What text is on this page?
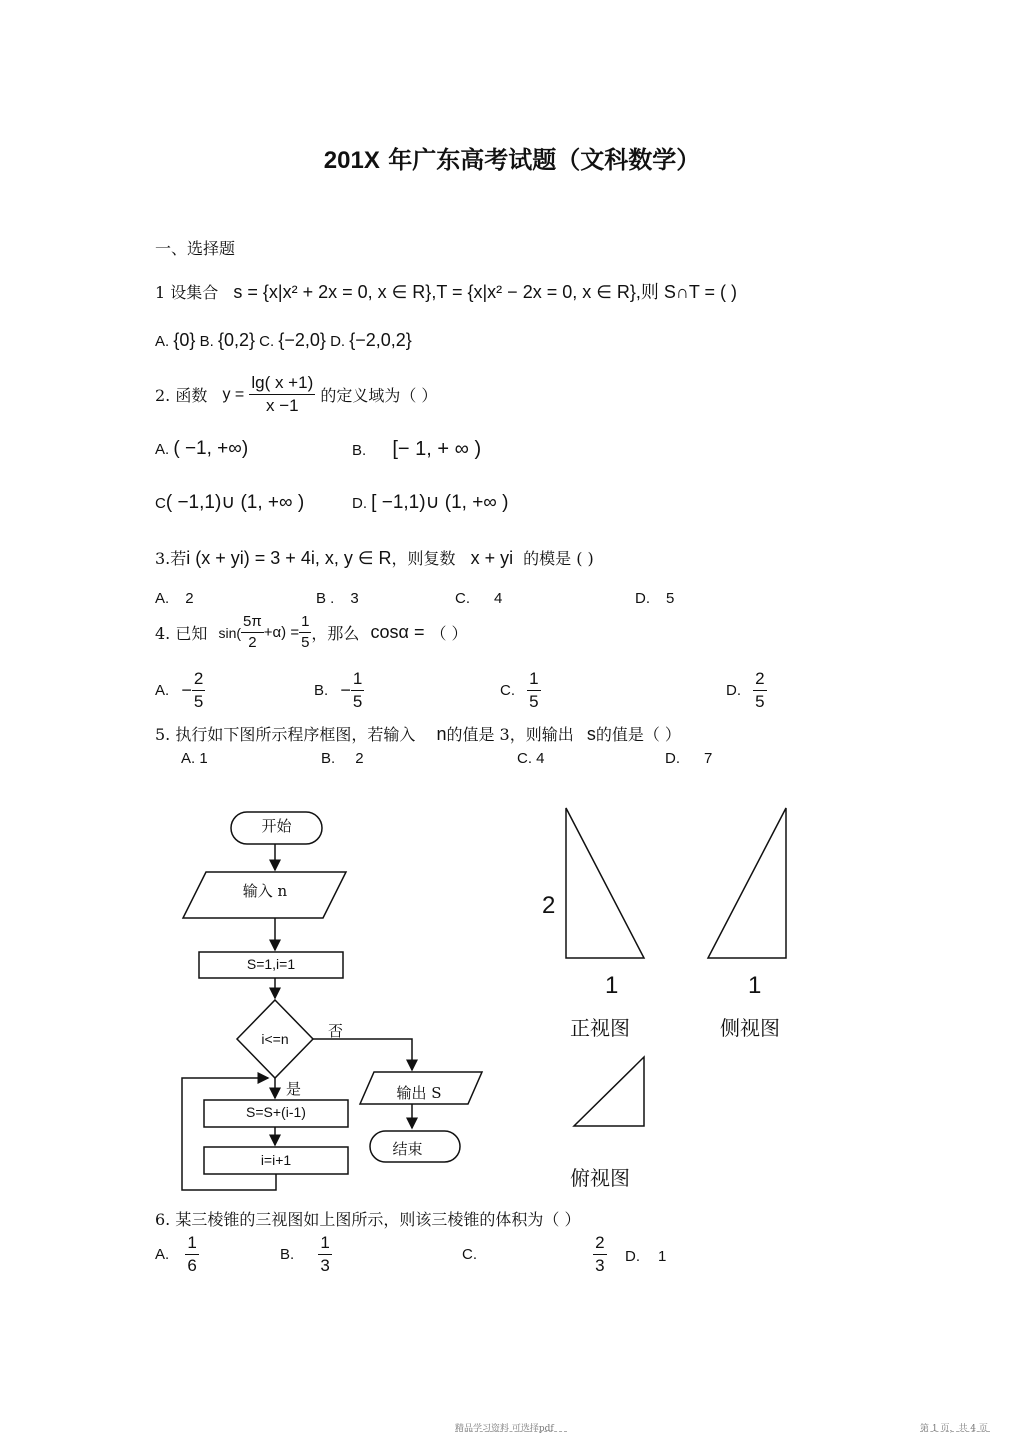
201X 年广东高考试题（文科数学）
一、选择题
1 设集合 s = {x|x² + 2x = 0, x ∈ R},T = {x|x² − 2x = 0, x ∈ R},则 S∩T = ( )
A. {0} B. {0,2} C. {−2,0} D. {−2,0,2}
2. 函数 $y = \frac{\lg( x +1)}{x -1}$ 的定义域为（ ）
A. ( −1, +∞)	B. [− 1, + ∞ )
C( −1,1)∪ (1, +∞ )	D. [ −1,1)∪ (1, +∞ )
3.若i (x + yi) = 3 + 4i, x, y ∈ R，则复数 x + yi 的模是 ( )
A. 2	B . 3	C. 4	D. 5
4. 已知 $\sin( \frac{5\pi}{2} +\alpha) = \frac{1}{5}$ ，那么 cosα = （ ）
A. − $\frac{2}{5}$	B. − $\frac{1}{5}$	C. $\frac{1}{5}$	D. $\frac{2}{5}$
5. 执行如下图所示程序框图，若输入 n的值是 3，则输出 s的值是（ ）
A. 1	B. 2	C. 4	D. 7
开始
输入 n
S=1,i=1
i<=n	否
是	输出 S
S=S+(i-1)
i=i+1
结束
2
1	1
正视图	侧视图
俯视图
6. 某三棱锥的三视图如上图所示，则该三棱锥的体积为（ ）
A. $\frac{1}{6}$	B. $\frac{1}{3}$	C.	$\frac{2}{3} D$. 1
精品学习资料 可选择pdf	第 1 页，共 4 页
